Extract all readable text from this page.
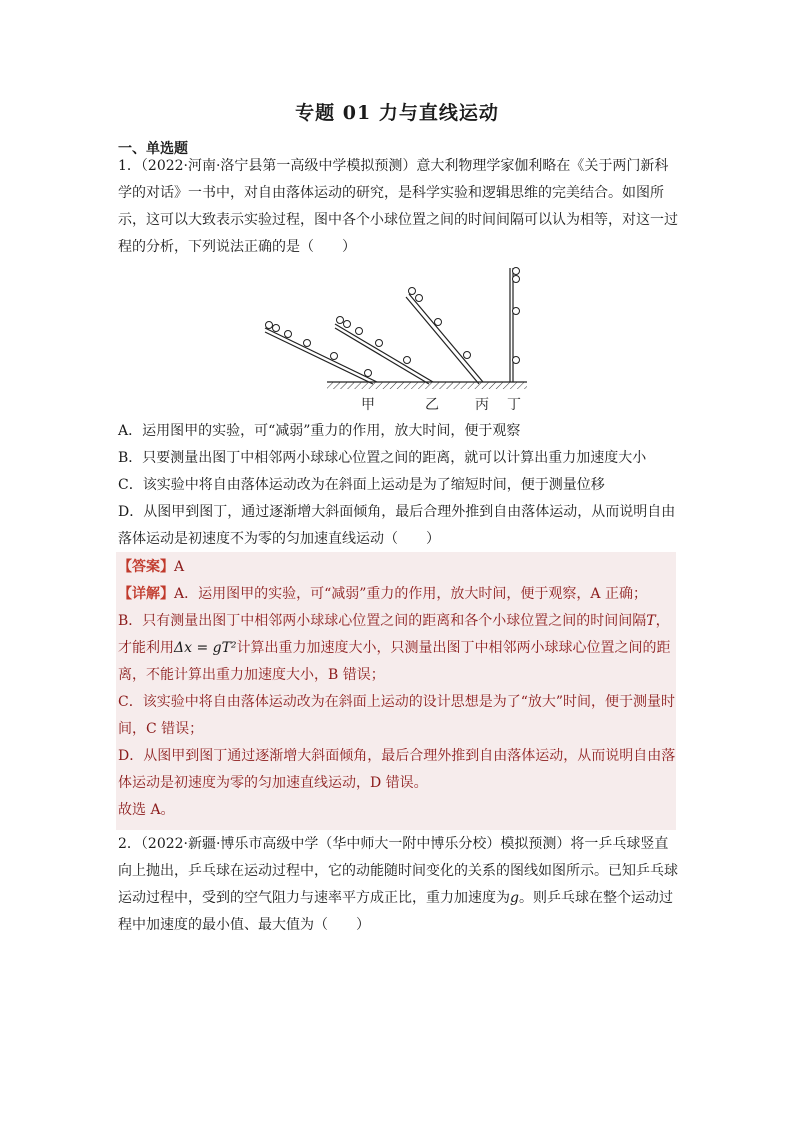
专题 01 力与直线运动
一、单选题
1．（2022·河南·洛宁县第一高级中学模拟预测）意大利物理学家伽利略在《关于两门新科学的对话》一书中，对自由落体运动的研究，是科学实验和逻辑思维的完美结合。如图所示，这可以大致表示实验过程，图中各个小球位置之间的时间间隔可以认为相等，对这一过程的分析，下列说法正确的是（　　）
甲	乙	丙 丁
A．运用图甲的实验，可“减弱”重力的作用，放大时间，便于观察
B．只要测量出图丁中相邻两小球球心位置之间的距离，就可以计算出重力加速度大小
C．该实验中将自由落体运动改为在斜面上运动是为了缩短时间，便于测量位移
D．从图甲到图丁，通过逐渐增大斜面倾角，最后合理外推到自由落体运动，从而说明自由落体运动是初速度不为零的匀加速直线运动（　　）
【答案】A
【详解】A．运用图甲的实验，可“减弱”重力的作用，放大时间，便于观察，A 正确；
B．只有测量出图丁中相邻两小球球心位置之间的距离和各个小球位置之间的时间间隔T，才能利用Δx = gT²计算出重力加速度大小，只测量出图丁中相邻两小球球心位置之间的距离，不能计算出重力加速度大小，B 错误；
C．该实验中将自由落体运动改为在斜面上运动的设计思想是为了“放大”时间，便于测量时间，C 错误；
D．从图甲到图丁通过逐渐增大斜面倾角，最后合理外推到自由落体运动，从而说明自由落体运动是初速度为零的匀加速直线运动，D 错误。
故选 A。
2．（2022·新疆·博乐市高级中学（华中师大一附中博乐分校）模拟预测）将一乒乓球竖直向上抛出，乒乓球在运动过程中，它的动能随时间变化的关系的图线如图所示。已知乒乓球运动过程中，受到的空气阻力与速率平方成正比，重力加速度为g。则乒乓球在整个运动过程中加速度的最小值、最大值为（　　）
